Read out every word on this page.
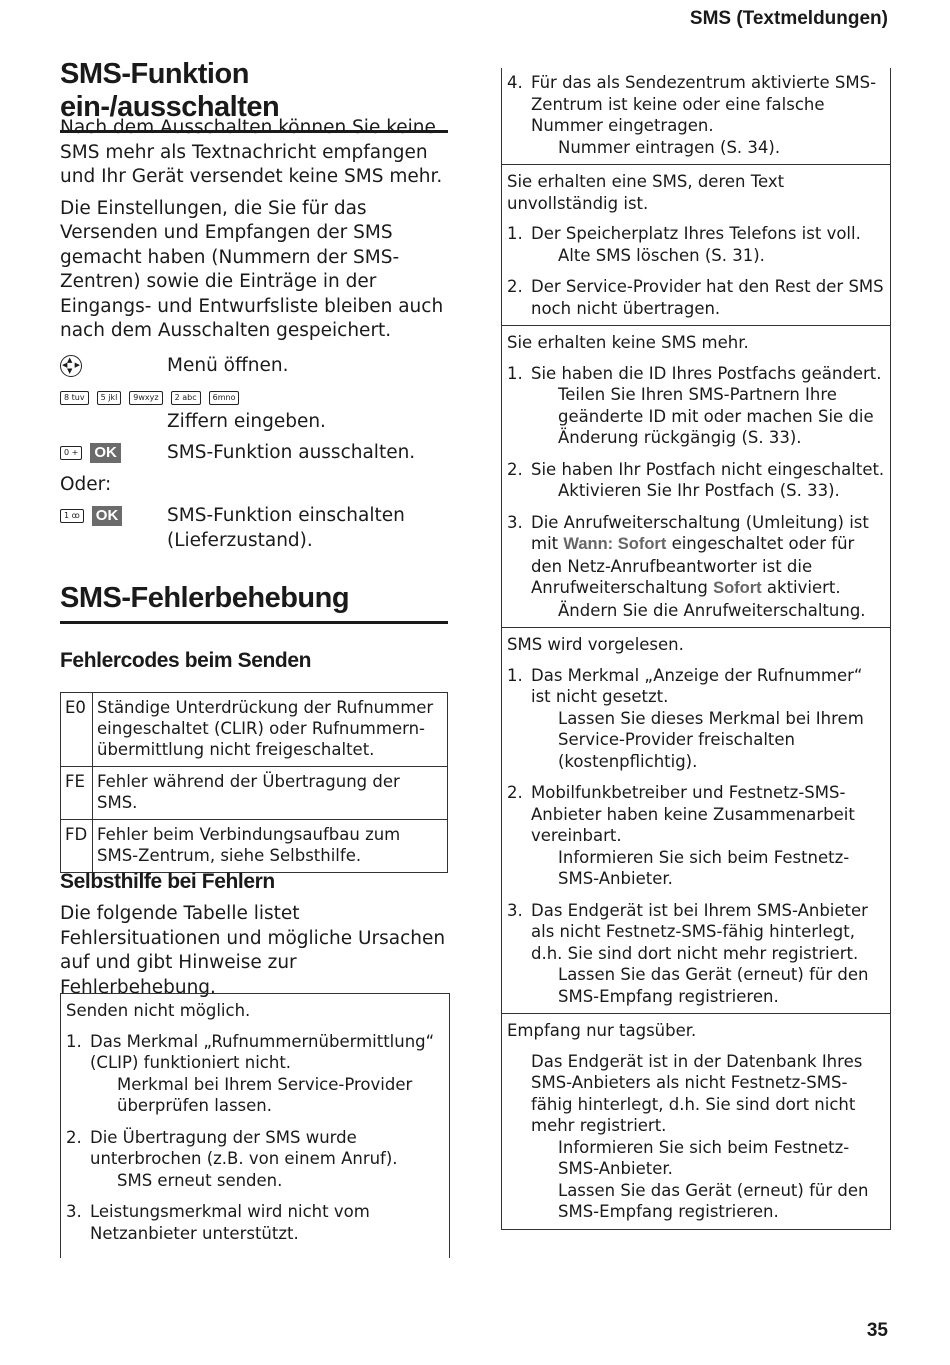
SMS (Textmeldungen)
35
SMS-Funktion ein-/ausschalten

Nach dem Ausschalten können Sie keine SMS mehr als Textnachricht empfangen und Ihr Gerät versendet keine SMS mehr.

Die Einstellungen, die Sie für das Versenden und Empfangen der SMS gemacht haben (Nummern der SMS-Zentren) sowie die Einträge in der Eingangs- und Entwurfsliste bleiben auch nach dem Ausschalten gespeichert.

▲
▼
◀ ▶	Menü öffnen.
8 tuv 5 jkl 9wxyz 2 abc 6mno
Ziffern eingeben.
0 + OK	SMS-Funktion ausschalten.
Oder:
1 ꝏ OK	SMS-Funktion einschalten (Lieferzustand).
SMS-Fehlerbehebung
Fehlercodes beim Senden
E0	Ständige Unterdrückung der Rufnummer eingeschaltet (CLIR) oder Rufnummern-übermittlung nicht freigeschaltet.
FE	Fehler während der Übertragung der SMS.
FD	Fehler beim Verbindungsaufbau zum SMS-Zentrum, siehe Selbsthilfe.
Selbsthilfe bei Fehlern
Die folgende Tabelle listet Fehlersituationen und mögliche Ursachen auf und gibt Hinweise zur Fehlerbehebung.
Senden nicht möglich.
1. Das Merkmal „Rufnummernübermittlung“ (CLIP) funktioniert nicht.
Merkmal bei Ihrem Service-Provider überprüfen lassen.
2. Die Übertragung der SMS wurde unterbrochen (z.B. von einem Anruf).
SMS erneut senden.
3. Leistungsmerkmal wird nicht vom Netzanbieter unterstützt.
4. Für das als Sendezentrum aktivierte SMS-Zentrum ist keine oder eine falsche Nummer eingetragen.
Nummer eintragen (S. 34).
Sie erhalten eine SMS, deren Text unvollständig ist.
1. Der Speicherplatz Ihres Telefons ist voll.
Alte SMS löschen (S. 31).
2. Der Service-Provider hat den Rest der SMS noch nicht übertragen.
Sie erhalten keine SMS mehr.
1. Sie haben die ID Ihres Postfachs geändert.
Teilen Sie Ihren SMS-Partnern Ihre geänderte ID mit oder machen Sie die Änderung rückgängig (S. 33).
2. Sie haben Ihr Postfach nicht eingeschaltet.
Aktivieren Sie Ihr Postfach (S. 33).
3. Die Anrufweiterschaltung (Umleitung) ist mit Wann: Sofort eingeschaltet oder für den Netz-Anrufbeantworter ist die Anrufweiterschaltung Sofort aktiviert.
Ändern Sie die Anrufweiterschaltung.
SMS wird vorgelesen.
1. Das Merkmal „Anzeige der Rufnummer“ ist nicht gesetzt.
Lassen Sie dieses Merkmal bei Ihrem Service-Provider freischalten (kostenpflichtig).
2. Mobilfunkbetreiber und Festnetz-SMS-Anbieter haben keine Zusammenarbeit vereinbart.
Informieren Sie sich beim Festnetz-SMS-Anbieter.
3. Das Endgerät ist bei Ihrem SMS-Anbieter als nicht Festnetz-SMS-fähig hinterlegt, d.h. Sie sind dort nicht mehr registriert.
Lassen Sie das Gerät (erneut) für den SMS-Empfang registrieren.
Empfang nur tagsüber.
Das Endgerät ist in der Datenbank Ihres SMS-Anbieters als nicht Festnetz-SMS-fähig hinterlegt, d.h. Sie sind dort nicht mehr registriert.
Informieren Sie sich beim Festnetz-SMS-Anbieter.
Lassen Sie das Gerät (erneut) für den SMS-Empfang registrieren.
